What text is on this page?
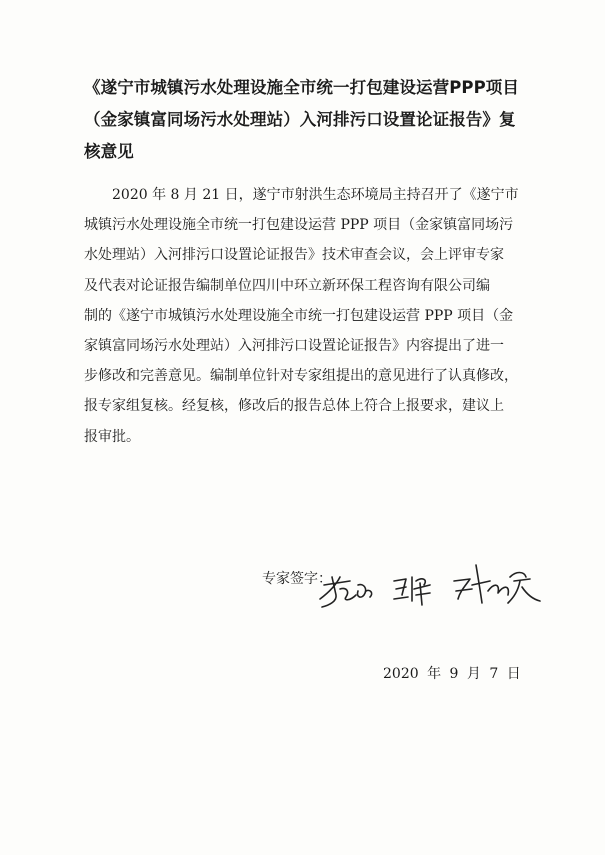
《遂宁市城镇污水处理设施全市统一打包建设运营PPP项目
（金家镇富同场污水处理站）入河排污口设置论证报告》复
核意见
2020 年 8 月 21 日，遂宁市射洪生态环境局主持召开了《遂宁市
城镇污水处理设施全市统一打包建设运营 PPP 项目（金家镇富同场污
水处理站）入河排污口设置论证报告》技术审查会议，会上评审专家
及代表对论证报告编制单位四川中环立新环保工程咨询有限公司编
制的《遂宁市城镇污水处理设施全市统一打包建设运营 PPP 项目（金
家镇富同场污水处理站）入河排污口设置论证报告》内容提出了进一
步修改和完善意见。编制单位针对专家组提出的意见进行了认真修改，
报专家组复核。经复核，修改后的报告总体上符合上报要求，建议上
报审批。
专家签字：
2020 年 9 月 7 日
